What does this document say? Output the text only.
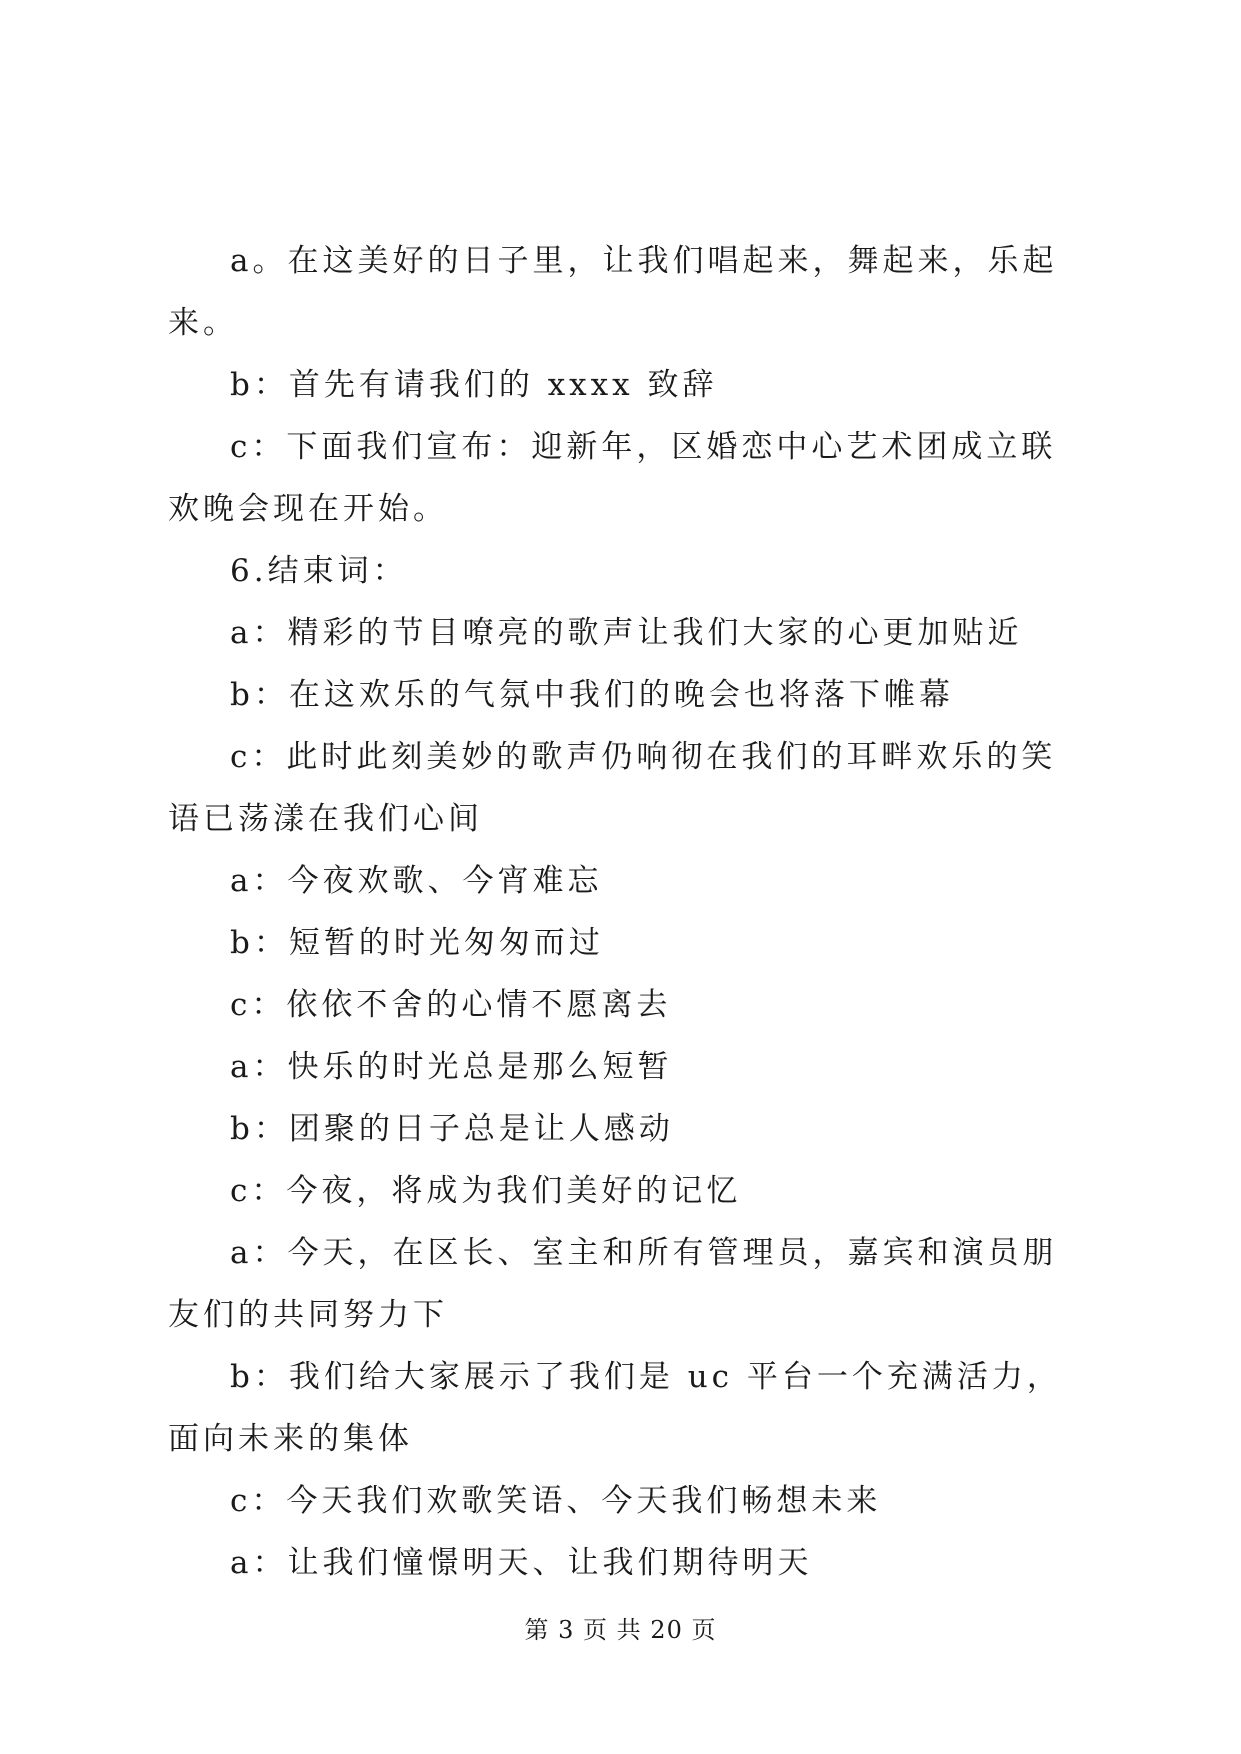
a。在这美好的日子里，让我们唱起来，舞起来，乐起来。

b：首先有请我们的 xxxx 致辞

c：下面我们宣布：迎新年，区婚恋中心艺术团成立联欢晚会现在开始。

6.结束词：

a：精彩的节目嘹亮的歌声让我们大家的心更加贴近

b：在这欢乐的气氛中我们的晚会也将落下帷幕

c：此时此刻美妙的歌声仍响彻在我们的耳畔欢乐的笑语已荡漾在我们心间

a：今夜欢歌、今宵难忘

b：短暂的时光匆匆而过

c：依依不舍的心情不愿离去

a：快乐的时光总是那么短暂

b：团聚的日子总是让人感动

c：今夜，将成为我们美好的记忆

a：今天，在区长、室主和所有管理员，嘉宾和演员朋友们的共同努力下

b：我们给大家展示了我们是 uc 平台一个充满活力，面向未来的集体

c：今天我们欢歌笑语、今天我们畅想未来

a：让我们憧憬明天、让我们期待明天

第 3 页 共 20 页
